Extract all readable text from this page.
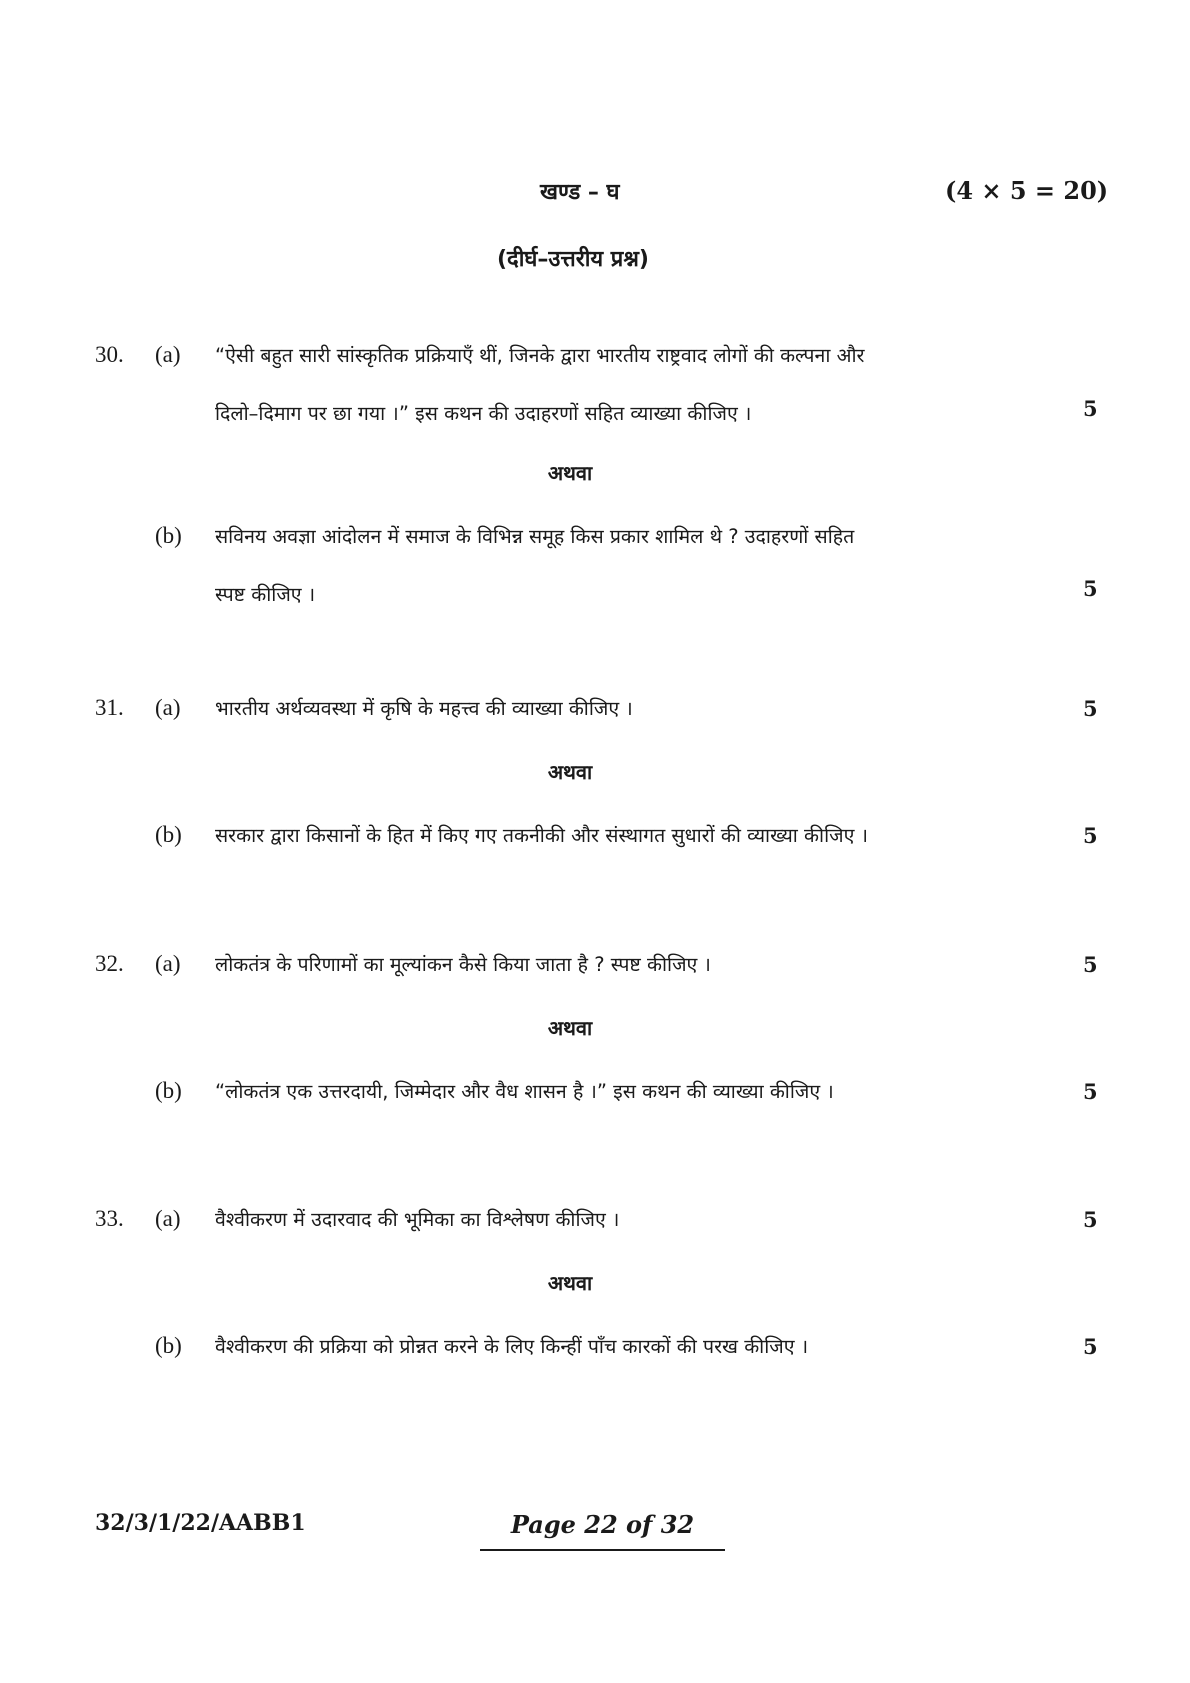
खण्ड – घ	(4 × 5 = 20)
(दीर्घ–उत्तरीय प्रश्न)
30. (a) “ऐसी बहुत सारी सांस्कृतिक प्रक्रियाएँ थीं, जिनके द्वारा भारतीय राष्ट्रवाद लोगों की कल्पना और
दिलो–दिमाग पर छा गया ।” इस कथन की उदाहरणों सहित व्याख्या कीजिए ।	5
अथवा
(b) सविनय अवज्ञा आंदोलन में समाज के विभिन्न समूह किस प्रकार शामिल थे ? उदाहरणों सहित
स्पष्ट कीजिए ।	5
31. (a) भारतीय अर्थव्यवस्था में कृषि के महत्त्व की व्याख्या कीजिए ।	5
अथवा
(b) सरकार द्वारा किसानों के हित में किए गए तकनीकी और संस्थागत सुधारों की व्याख्या कीजिए ।	5
32. (a) लोकतंत्र के परिणामों का मूल्यांकन कैसे किया जाता है ? स्पष्ट कीजिए ।	5
अथवा
(b) “लोकतंत्र एक उत्तरदायी, जिम्मेदार और वैध शासन है ।” इस कथन की व्याख्या कीजिए ।	5
33. (a) वैश्वीकरण में उदारवाद की भूमिका का विश्लेषण कीजिए ।	5
अथवा
(b) वैश्वीकरण की प्रक्रिया को प्रोन्नत करने के लिए किन्हीं पाँच कारकों की परख कीजिए ।	5
32/3/1/22/AABB1	Page 22 of 32
